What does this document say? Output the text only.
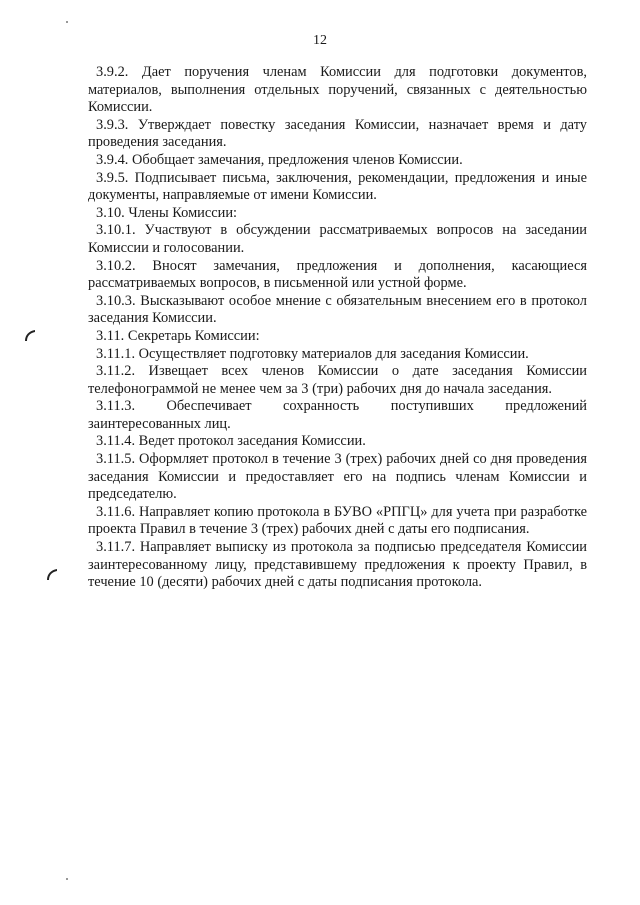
12

3.9.2. Дает поручения членам Комиссии для подготовки документов, материалов, выполнения отдельных поручений, связанных с деятельностью Комиссии.

3.9.3. Утверждает повестку заседания Комиссии, назначает время и дату проведения заседания.

3.9.4. Обобщает замечания, предложения членов Комиссии.

3.9.5. Подписывает письма, заключения, рекомендации, предложения и иные документы, направляемые от имени Комиссии.

3.10. Члены Комиссии:

3.10.1. Участвуют в обсуждении рассматриваемых вопросов на заседании Комиссии и голосовании.

3.10.2. Вносят замечания, предложения и дополнения, касающиеся рассматриваемых вопросов, в письменной или устной форме.

3.10.3. Высказывают особое мнение с обязательным внесением его в протокол заседания Комиссии.

3.11. Секретарь Комиссии:

3.11.1. Осуществляет подготовку материалов для заседания Комиссии.

3.11.2. Извещает всех членов Комиссии о дате заседания Комиссии телефонограммой не менее чем за 3 (три) рабочих дня до начала заседания.

3.11.3. Обеспечивает сохранность поступивших предложений заинтересованных лиц.

3.11.4. Ведет протокол заседания Комиссии.

3.11.5. Оформляет протокол в течение 3 (трех) рабочих дней со дня проведения заседания Комиссии и предоставляет его на подпись членам Комиссии и председателю.

3.11.6. Направляет копию протокола в БУВО «РПГЦ» для учета при разработке проекта Правил в течение 3 (трех) рабочих дней с даты его подписания.

3.11.7. Направляет выписку из протокола за подписью председателя Комиссии заинтересованному лицу, представившему предложения к проекту Правил, в течение 10 (десяти) рабочих дней с даты подписания протокола.
